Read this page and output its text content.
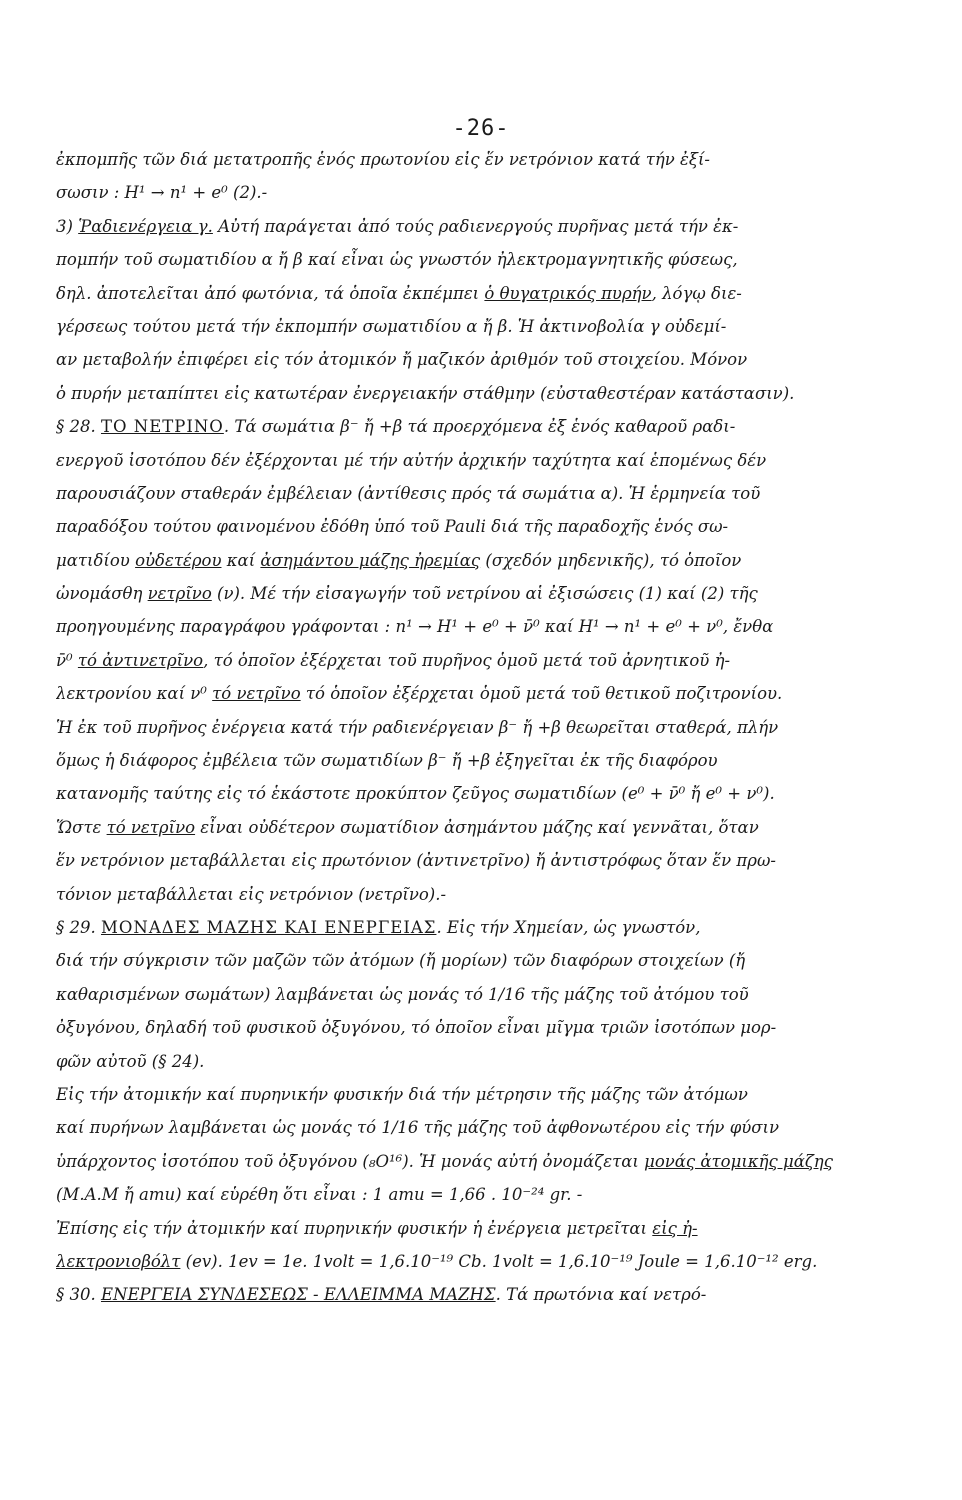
-26-
ἐκπομπῆς τῶν διά μετατροπῆς ἑνός πρωτονίου εἰς ἕν νετρόνιον κατά τήν ἐξί-
σωσιν : H¹ → n¹ + e⁰ (2).-
3) Ῥαδιενέργεια γ. Αὐτή παράγεται ἀπό τούς ραδιενεργούς πυρῆνας μετά τήν ἐκ-
πομπήν τοῦ σωματιδίου α ἤ β καί εἶναι ὡς γνωστόν ἠλεκτρομαγνητικῆς φύσεως,
δηλ. ἀποτελεῖται ἀπό φωτόνια, τά ὁποῖα ἐκπέμπει ὁ θυγατρικός πυρήν, λόγῳ διε-
γέρσεως τούτου μετά τήν ἐκπομπήν σωματιδίου α ἤ β. Ἡ ἀκτινοβολία γ οὐδεμί-
αν μεταβολήν ἐπιφέρει εἰς τόν ἀτομικόν ἤ μαζικόν ἀριθμόν τοῦ στοιχείου. Μόνον
ὁ πυρήν μεταπίπτει εἰς κατωτέραν ἐνεργειακήν στάθμην (εὐσταθεστέραν κατάστασιν).
§ 28. ΤΟ ΝΕΤΡΙΝΟ. Τά σωμάτια β⁻ ἤ +β τά προερχόμενα ἐξ ἑνός καθαροῦ ραδι-
ενεργοῦ ἰσοτόπου δέν ἐξέρχονται μέ τήν αὐτήν ἀρχικήν ταχύτητα καί ἑπομένως δέν
παρουσιάζουν σταθεράν ἐμβέλειαν (ἀντίθεσις πρός τά σωμάτια α). Ἡ ἑρμηνεία τοῦ
παραδόξου τούτου φαινομένου ἐδόθη ὑπό τοῦ Pauli διά τῆς παραδοχῆς ἑνός σω-
ματιδίου οὐδετέρου καί ἀσημάντου μάζης ἠρεμίας (σχεδόν μηδενικῆς), τό ὁποῖον
ὠνομάσθη νετρῖνο (ν). Μέ τήν εἰσαγωγήν τοῦ νετρίνου αἱ ἐξισώσεις (1) καί (2) τῆς
προηγουμένης παραγράφου γράφονται : n¹ → H¹ + e⁰ + ν̄⁰ καί H¹ → n¹ + e⁰ + ν⁰, ἔνθα
ν̄⁰ τό ἀντινετρῖνο, τό ὁποῖον ἐξέρχεται τοῦ πυρῆνος ὁμοῦ μετά τοῦ ἀρνητικοῦ ἠ-
λεκτρονίου καί ν⁰ τό νετρῖνο τό ὁποῖον ἐξέρχεται ὁμοῦ μετά τοῦ θετικοῦ ποζιτρονίου.
Ἡ ἐκ τοῦ πυρῆνος ἐνέργεια κατά τήν ραδιενέργειαν β⁻ ἤ +β θεωρεῖται σταθερά, πλήν
ὅμως ἡ διάφορος ἐμβέλεια τῶν σωματιδίων β⁻ ἤ +β ἐξηγεῖται ἐκ τῆς διαφόρου
κατανομῆς ταύτης εἰς τό ἑκάστοτε προκύπτον ζεῦγος σωματιδίων (e⁰ + ν̄⁰ ἤ e⁰ + ν⁰).
Ὥστε τό νετρῖνο εἶναι οὐδέτερον σωματίδιον ἀσημάντου μάζης καί γεννᾶται, ὅταν
ἕν νετρόνιον μεταβάλλεται εἰς πρωτόνιον (ἀντινετρῖνο) ἤ ἀντιστρόφως ὅταν ἕν πρω-
τόνιον μεταβάλλεται εἰς νετρόνιον (νετρῖνο).-
§ 29. ΜΟΝΑΔΕΣ ΜΑΖΗΣ ΚΑΙ ΕΝΕΡΓΕΙΑΣ. Εἰς τήν Χημείαν, ὡς γνωστόν,
διά τήν σύγκρισιν τῶν μαζῶν τῶν ἀτόμων (ἤ μορίων) τῶν διαφόρων στοιχείων (ἤ
καθαρισμένων σωμάτων) λαμβάνεται ὡς μονάς τό 1/16 τῆς μάζης τοῦ ἀτόμου τοῦ
ὀξυγόνου, δηλαδή τοῦ φυσικοῦ ὀξυγόνου, τό ὁποῖον εἶναι μῖγμα τριῶν ἰσοτόπων μορ-
φῶν αὐτοῦ (§ 24).
Εἰς τήν ἀτομικήν καί πυρηνικήν φυσικήν διά τήν μέτρησιν τῆς μάζης τῶν ἀτόμων
καί πυρήνων λαμβάνεται ὡς μονάς τό 1/16 τῆς μάζης τοῦ ἀφθονωτέρου εἰς τήν φύσιν
ὑπάρχοντος ἰσοτόπου τοῦ ὀξυγόνου (₈O¹⁶). Ἡ μονάς αὐτή ὀνομάζεται μονάς ἀτομικῆς μάζης
(Μ.Α.Μ ἤ amu) καί εὑρέθη ὅτι εἶναι : 1 amu = 1,66 . 10⁻²⁴ gr. -
Ἐπίσης εἰς τήν ἀτομικήν καί πυρηνικήν φυσικήν ἡ ἐνέργεια μετρεῖται εἰς ἠ-
λεκτρονιοβόλτ (ev). 1ev = 1e. 1volt = 1,6.10⁻¹⁹ Cb. 1volt = 1,6.10⁻¹⁹ Joule = 1,6.10⁻¹² erg.
§ 30. ΕΝΕΡΓΕΙΑ ΣΥΝΔΕΣΕΩΣ - ΕΛΛΕΙΜΜΑ ΜΑΖΗΣ. Τά πρωτόνια καί νετρό-
